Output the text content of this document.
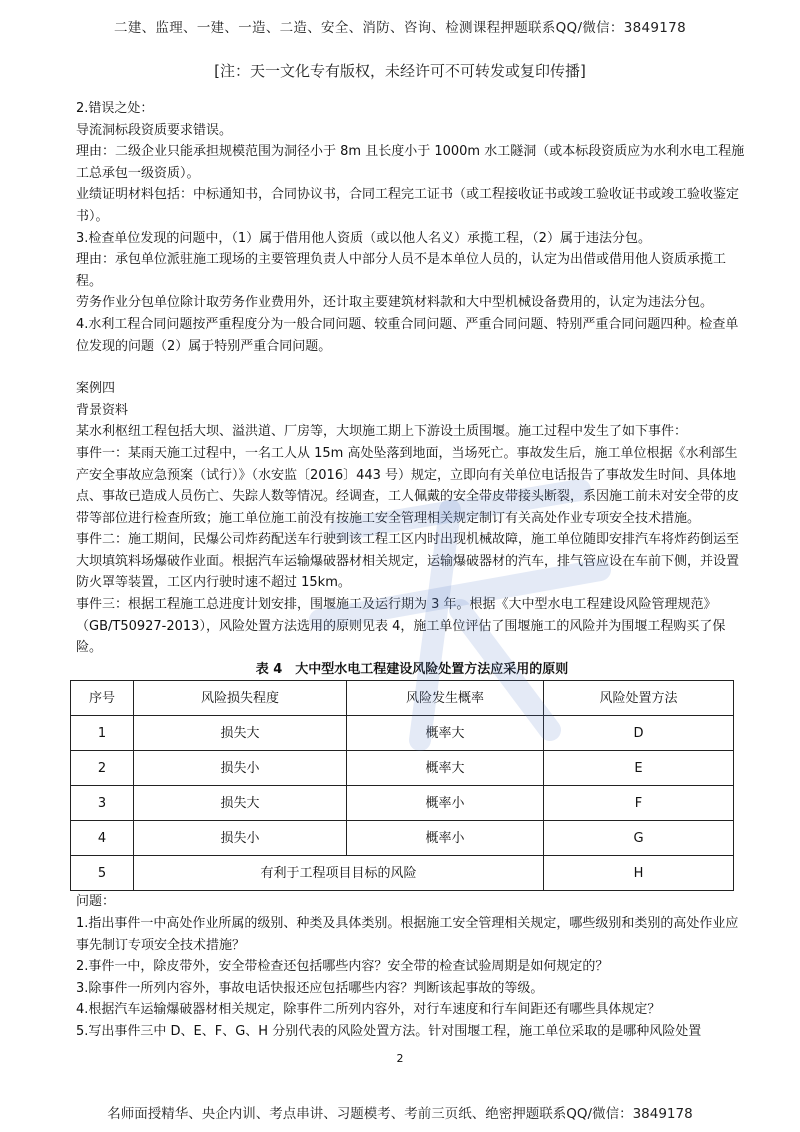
二建、监理、一建、一造、二造、安全、消防、咨询、检测课程押题联系QQ/微信：3849178
[注：天一文化专有版权，未经许可不可转发或复印传播]

2.错误之处：

导流洞标段资质要求错误。

理由：二级企业只能承担规模范围为洞径小于 8m 且长度小于 1000m 水工隧洞（或本标段资质应为水利水电工程施工总承包一级资质）。

业绩证明材料包括：中标通知书，合同协议书，合同工程完工证书（或工程接收证书或竣工验收证书或竣工验收鉴定书）。

3.检查单位发现的问题中，（1）属于借用他人资质（或以他人名义）承揽工程，（2）属于违法分包。

理由：承包单位派驻施工现场的主要管理负责人中部分人员不是本单位人员的，认定为出借或借用他人资质承揽工程。

劳务作业分包单位除计取劳务作业费用外，还计取主要建筑材料款和大中型机械设备费用的，认定为违法分包。

4.水利工程合同问题按严重程度分为一般合同问题、较重合同问题、严重合同问题、特别严重合同问题四种。检查单位发现的问题（2）属于特别严重合同问题。

案例四

背景资料

某水利枢纽工程包括大坝、溢洪道、厂房等，大坝施工期上下游设土质围堰。施工过程中发生了如下事件：

事件一：某雨天施工过程中，一名工人从 15m 高处坠落到地面，当场死亡。事故发生后，施工单位根据《水利部生产安全事故应急预案（试行）》（水安监〔2016〕443 号）规定，立即向有关单位电话报告了事故发生时间、具体地点、事故已造成人员伤亡、失踪人数等情况。经调查，工人佩戴的安全带皮带接头断裂，系因施工前未对安全带的皮带等部位进行检查所致；施工单位施工前没有按施工安全管理相关规定制订有关高处作业专项安全技术措施。

事件二：施工期间，民爆公司炸药配送车行驶到该工程工区内时出现机械故障，施工单位随即安排汽车将炸药倒运至大坝填筑料场爆破作业面。根据汽车运输爆破器材相关规定，运输爆破器材的汽车，排气管应设在车前下侧，并设置防火罩等装置，工区内行驶时速不超过 15km。

事件三：根据工程施工总进度计划安排，围堰施工及运行期为 3 年。根据《大中型水电工程建设风险管理规范》（GB/T50927-2013），风险处置方法选用的原则见表 4，施工单位评估了围堰施工的风险并为围堰工程购买了保险。

表 4　大中型水电工程建设风险处置方法应采用的原则

序号	风险损失程度	风险发生概率	风险处置方法
1	损失大	概率大	D
2	损失小	概率大	E
3	损失大	概率小	F
4	损失小	概率小	G
5	有利于工程项目目标的风险		H

问题：

1.指出事件一中高处作业所属的级别、种类及具体类别。根据施工安全管理相关规定，哪些级别和类别的高处作业应事先制订专项安全技术措施？

2.事件一中，除皮带外，安全带检查还包括哪些内容？安全带的检查试验周期是如何规定的？

3.除事件一所列内容外，事故电话快报还应包括哪些内容？判断该起事故的等级。

4.根据汽车运输爆破器材相关规定，除事件二所列内容外，对行车速度和行车间距还有哪些具体规定？

5.写出事件三中 D、E、F、G、H 分别代表的风险处置方法。针对围堰工程，施工单位采取的是哪种风险处置

2
名师面授精华、央企内训、考点串讲、习题模考、考前三页纸、绝密押题联系QQ/微信：3849178
